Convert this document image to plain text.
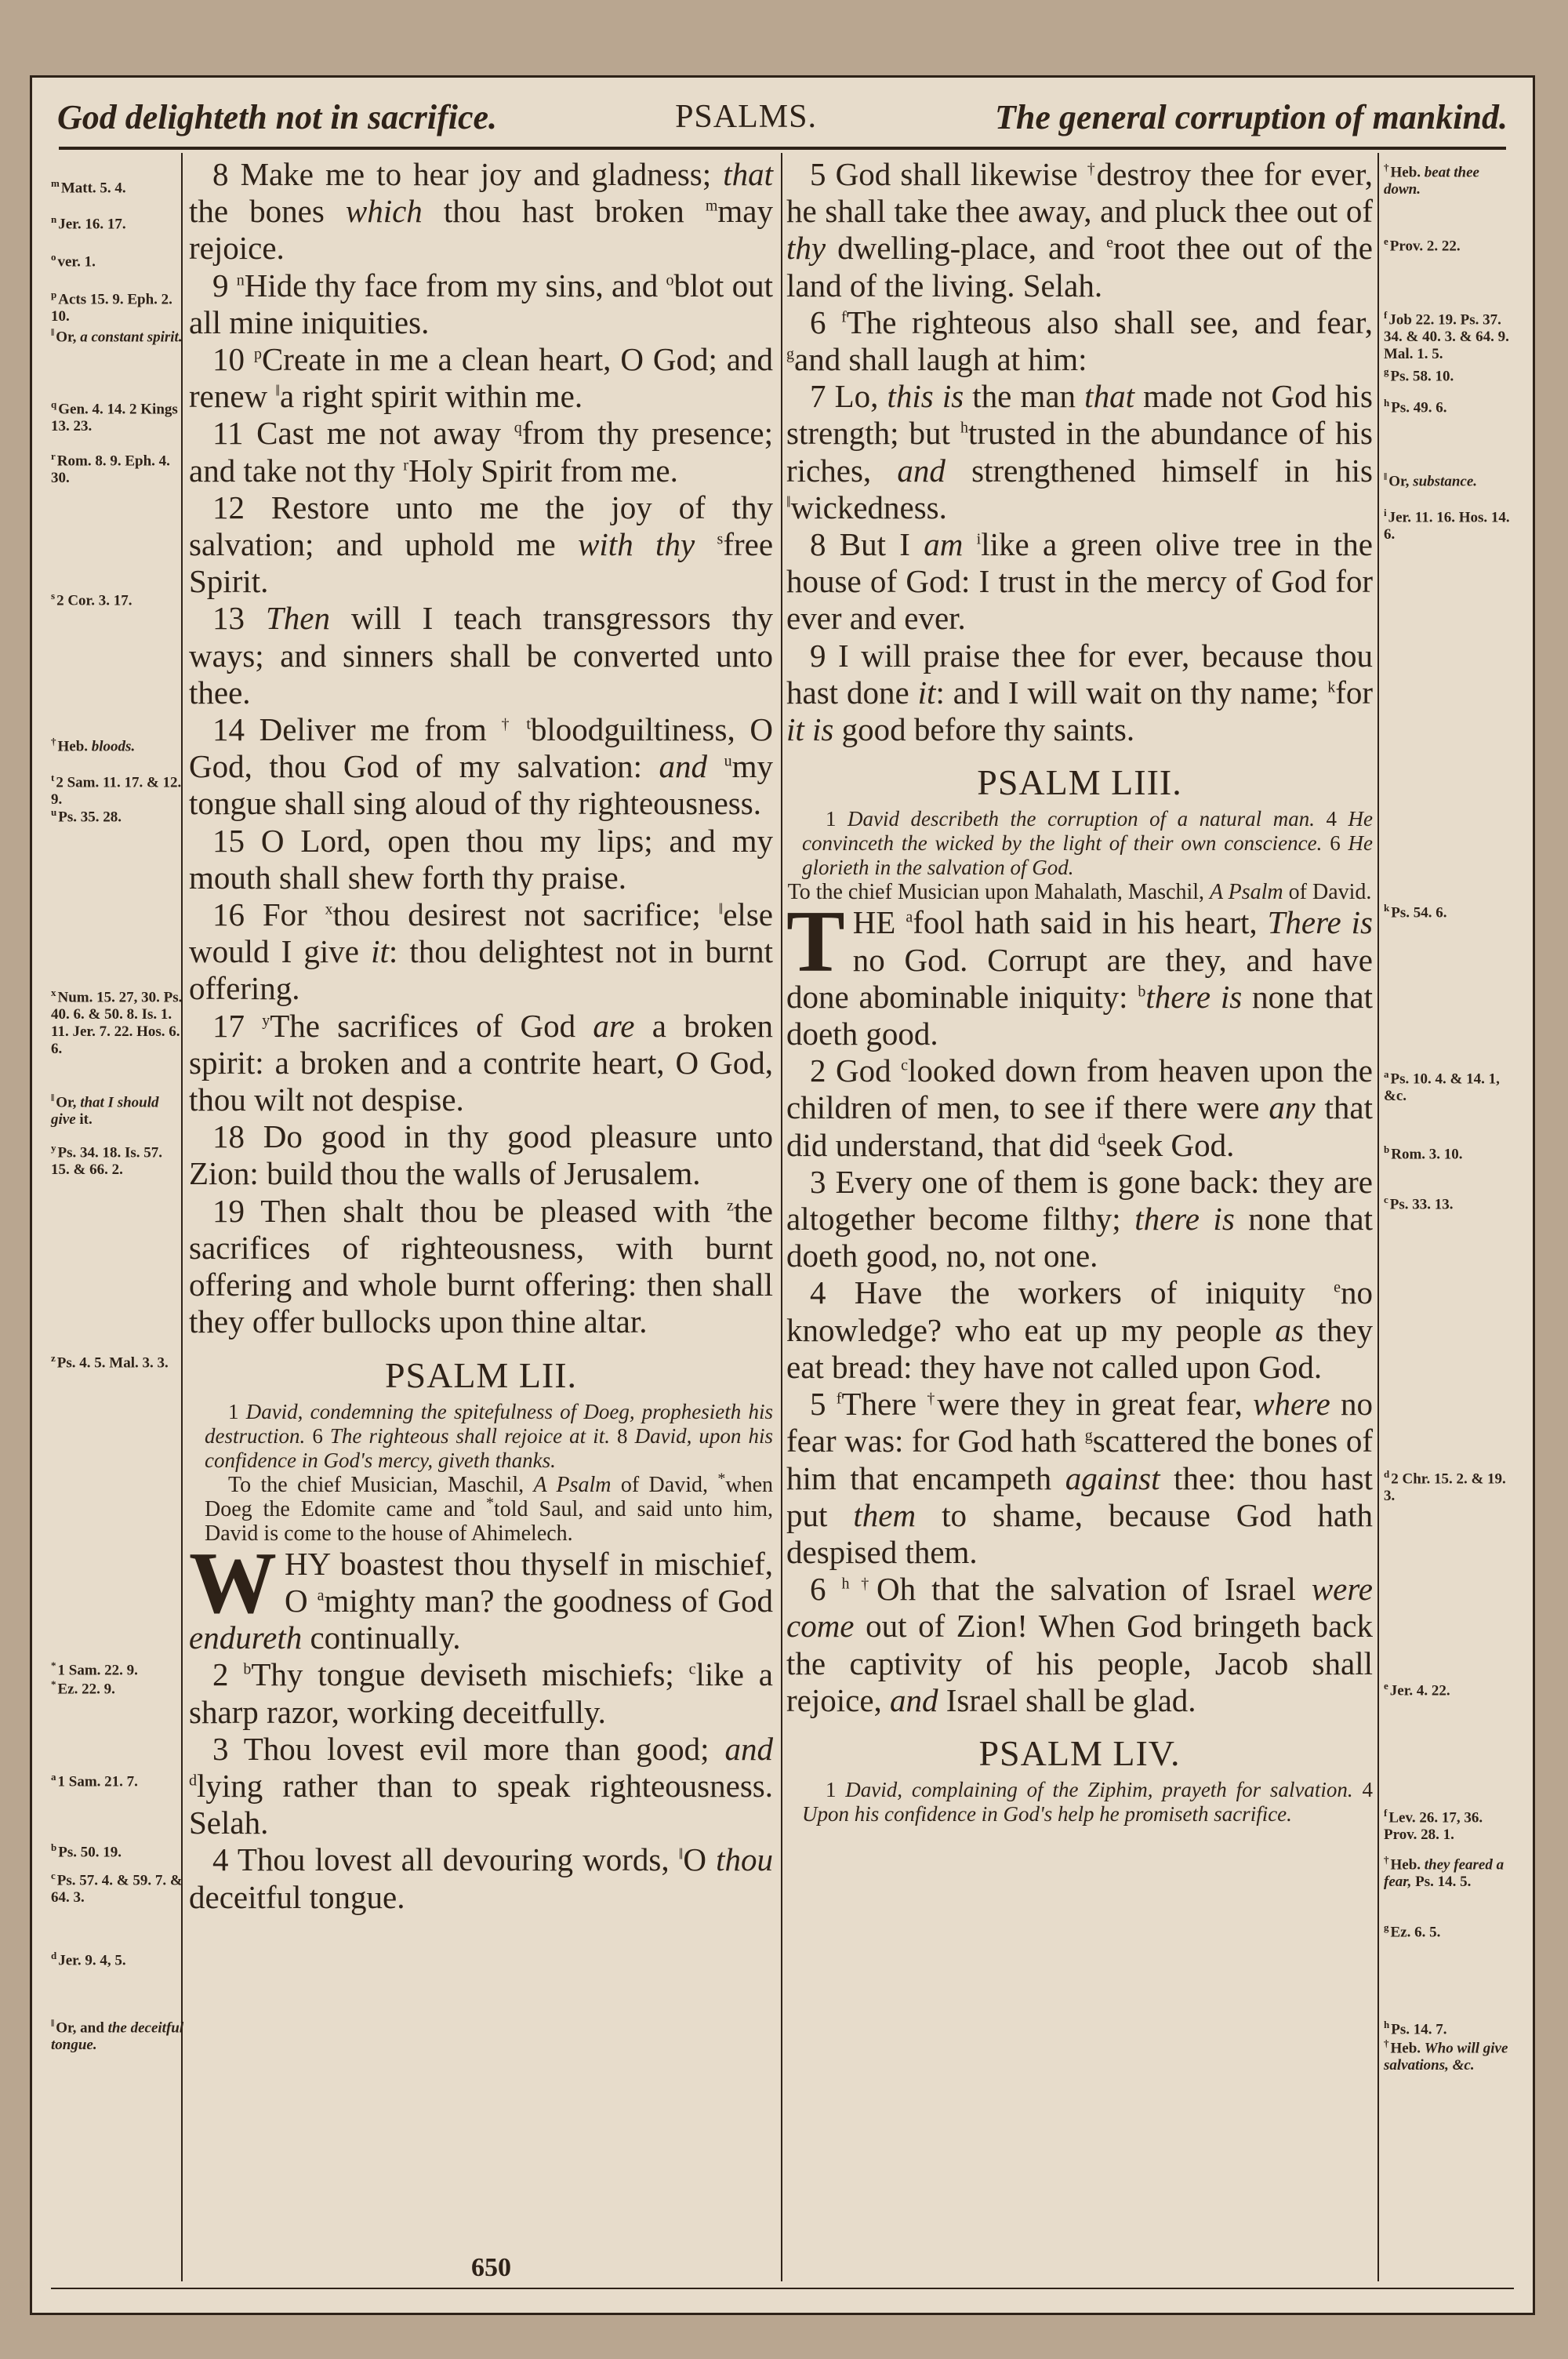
God delighteth not in sacrifice.	PSALMS.	The general corruption of mankind.
$^m$ Matt. 5. 4.
$^n$ Jer. 16. 17.
$^o$ ver. 1.
$^p$ Acts 15. 9. Eph. 2. 10.
‖ Or, a constant spirit.
$^q$ Gen. 4. 14. 2 Kings 13. 23.
$^r$ Rom. 8. 9. Eph. 4. 30.
$^s$ 2 Cor. 3. 17.
† Heb. bloods.
$^t$ 2 Sam. 11. 17. & 12. 9.
$^u$ Ps. 35. 28.
$^x$ Num. 15. 27, 30. Ps. 40. 6. & 50. 8. Is. 1. 11. Jer. 7. 22. Hos. 6. 6.
‖ Or, that I should give it.
$^y$ Ps. 34. 18. Is. 57. 15. & 66. 2.
$^z$ Ps. 4. 5. Mal. 3. 3.
* 1 Sam. 22. 9.
* Ez. 22. 9.
$^a$ 1 Sam. 21. 7.
$^b$ Ps. 50. 19.
$^c$ Ps. 57. 4. & 59. 7. & 64. 3.
$^d$ Jer. 9. 4, 5.
‖ Or, and the deceitful tongue.

8 Make me to hear joy and gladness; that the bones which thou hast broken $^m$may rejoice.

9 $^n$Hide thy face from my sins, and $^o$blot out all mine iniquities.

10 $^p$Create in me a clean heart, O God; and renew ‖a right spirit within me.

11 Cast me not away $^q$from thy presence; and take not thy $^r$Holy Spirit from me.

12 Restore unto me the joy of thy salvation; and uphold me with thy $^s$free Spirit.

13 Then will I teach transgressors thy ways; and sinners shall be converted unto thee.

14 Deliver me from $^{\dagger t}$bloodguiltiness, O God, thou God of my salvation: and $^u$my tongue shall sing aloud of thy righteousness.

15 O Lord, open thou my lips; and my mouth shall shew forth thy praise.

16 For $^x$thou desirest not sacrifice; ‖else would I give it: thou delightest not in burnt offering.

17 $^y$The sacrifices of God are a broken spirit: a broken and a contrite heart, O God, thou wilt not despise.

18 Do good in thy good pleasure unto Zion: build thou the walls of Jerusalem.

19 Then shalt thou be pleased with $^z$the sacrifices of righteousness, with burnt offering and whole burnt offering: then shall they offer bullocks upon thine altar.

PSALM LII.

1 David, condemning the spitefulness of Doeg, prophesieth his destruction. 6 The righteous shall rejoice at it. 8 David, upon his confidence in God's mercy, giveth thanks.

To the chief Musician, Maschil, A Psalm of David, *when Doeg the Edomite came and *told Saul, and said unto him, David is come to the house of Ahimelech.

WHY boastest thou thyself in mischief, O $^a$mighty man? the goodness of God endureth continually.

2 $^b$Thy tongue deviseth mischiefs; $^c$like a sharp razor, working deceitfully.

3 Thou lovest evil more than good; and $^d$lying rather than to speak righteousness. Selah.

4 Thou lovest all devouring words, ‖O thou deceitful tongue.

5 God shall likewise †destroy thee for ever, he shall take thee away, and pluck thee out of thy dwelling-place, and $^e$root thee out of the land of the living. Selah.

6 $^f$The righteous also shall see, and fear, $^g$and shall laugh at him:

7 Lo, this is the man that made not God his strength; but $^h$trusted in the abundance of his riches, and strengthened himself in his ‖wickedness.

8 But I am $^i$like a green olive tree in the house of God: I trust in the mercy of God for ever and ever.

9 I will praise thee for ever, because thou hast done it: and I will wait on thy name; $^k$for it is good before thy saints.

PSALM LIII.

1 David describeth the corruption of a natural man. 4 He convinceth the wicked by the light of their own conscience. 6 He glorieth in the salvation of God.

To the chief Musician upon Mahalath, Maschil, A Psalm of David.

THE $^a$fool hath said in his heart, There is no God. Corrupt are they, and have done abominable iniquity: $^b$there is none that doeth good.

2 God $^c$looked down from heaven upon the children of men, to see if there were any that did understand, that did $^d$seek God.

3 Every one of them is gone back: they are altogether become filthy; there is none that doeth good, no, not one.

4 Have the workers of iniquity $^e$no knowledge? who eat up my people as they eat bread: they have not called upon God.

5 $^f$There †were they in great fear, where no fear was: for God hath $^g$scattered the bones of him that encampeth against thee: thou hast put them to shame, because God hath despised them.

6 $^{h \dagger}$Oh that the salvation of Israel were come out of Zion! When God bringeth back the captivity of his people, Jacob shall rejoice, and Israel shall be glad.

PSALM LIV.

1 David, complaining of the Ziphim, prayeth for salvation. 4 Upon his confidence in God's help he promiseth sacrifice.

† Heb. beat thee down.
$^e$ Prov. 2. 22.
$^f$ Job 22. 19. Ps. 37. 34. & 40. 3. & 64. 9. Mal. 1. 5.
$^g$ Ps. 58. 10.
$^h$ Ps. 49. 6.
‖ Or, substance.
$^i$ Jer. 11. 16. Hos. 14. 6.
$^k$ Ps. 54. 6.
$^a$ Ps. 10. 4. & 14. 1, &c.
$^b$ Rom. 3. 10.
$^c$ Ps. 33. 13.
$^d$ 2 Chr. 15. 2. & 19. 3.
$^e$ Jer. 4. 22.
$^f$ Lev. 26. 17, 36. Prov. 28. 1.
† Heb. they feared a fear, Ps. 14. 5.
$^g$ Ez. 6. 5.
$^h$ Ps. 14. 7.
† Heb. Who will give salvations, &c.
650
